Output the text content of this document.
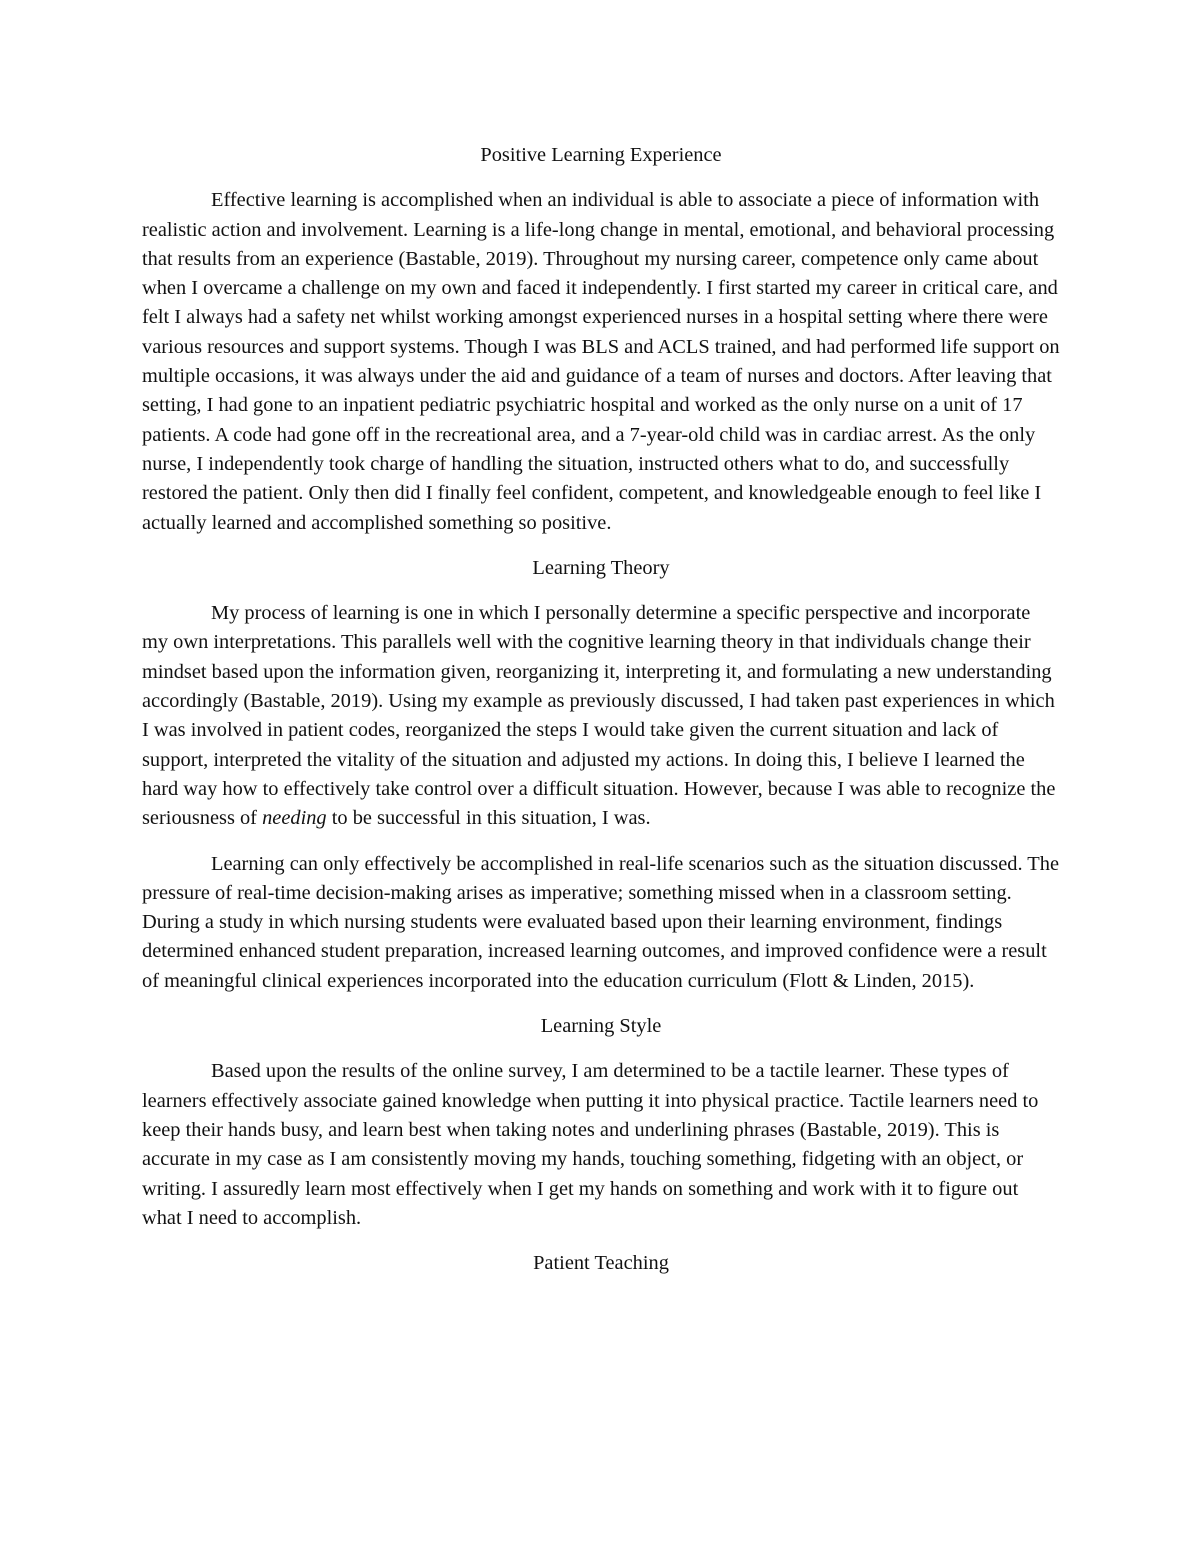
Positive Learning Experience

Effective learning is accomplished when an individual is able to associate a piece of information with realistic action and involvement. Learning is a life-long change in mental, emotional, and behavioral processing that results from an experience (Bastable, 2019). Throughout my nursing career, competence only came about when I overcame a challenge on my own and faced it independently. I first started my career in critical care, and felt I always had a safety net whilst working amongst experienced nurses in a hospital setting where there were various resources and support systems. Though I was BLS and ACLS trained, and had performed life support on multiple occasions, it was always under the aid and guidance of a team of nurses and doctors. After leaving that setting, I had gone to an inpatient pediatric psychiatric hospital and worked as the only nurse on a unit of 17 patients. A code had gone off in the recreational area, and a 7-year-old child was in cardiac arrest. As the only nurse, I independently took charge of handling the situation, instructed others what to do, and successfully restored the patient. Only then did I finally feel confident, competent, and knowledgeable enough to feel like I actually learned and accomplished something so positive.

Learning Theory

My process of learning is one in which I personally determine a specific perspective and incorporate my own interpretations. This parallels well with the cognitive learning theory in that individuals change their mindset based upon the information given, reorganizing it, interpreting it, and formulating a new understanding accordingly (Bastable, 2019). Using my example as previously discussed, I had taken past experiences in which I was involved in patient codes, reorganized the steps I would take given the current situation and lack of support, interpreted the vitality of the situation and adjusted my actions. In doing this, I believe I learned the hard way how to effectively take control over a difficult situation. However, because I was able to recognize the seriousness of needing to be successful in this situation, I was.

Learning can only effectively be accomplished in real-life scenarios such as the situation discussed. The pressure of real-time decision-making arises as imperative; something missed when in a classroom setting. During a study in which nursing students were evaluated based upon their learning environment, findings determined enhanced student preparation, increased learning outcomes, and improved confidence were a result of meaningful clinical experiences incorporated into the education curriculum (Flott & Linden, 2015).

Learning Style

Based upon the results of the online survey, I am determined to be a tactile learner. These types of learners effectively associate gained knowledge when putting it into physical practice. Tactile learners need to keep their hands busy, and learn best when taking notes and underlining phrases (Bastable, 2019). This is accurate in my case as I am consistently moving my hands, touching something, fidgeting with an object, or writing. I assuredly learn most effectively when I get my hands on something and work with it to figure out what I need to accomplish.

Patient Teaching
